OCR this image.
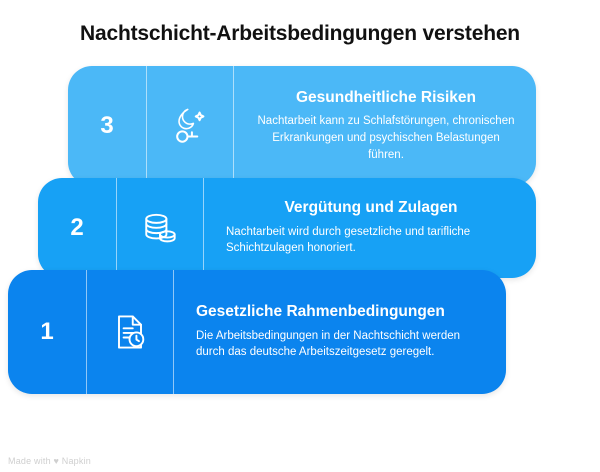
Nachtschicht-Arbeitsbedingungen verstehen
3
Gesundheitliche Risiken
Nachtarbeit kann zu Schlafstörungen, chronischen Erkrankungen und psychischen Belastungen führen.
2
Vergütung und Zulagen
Nachtarbeit wird durch gesetzliche und tarifliche Schichtzulagen honoriert.
1
Gesetzliche Rahmenbedingungen
Die Arbeitsbedingungen in der Nachtschicht werden durch das deutsche Arbeitszeitgesetz geregelt.
Made with ♥ Napkin
